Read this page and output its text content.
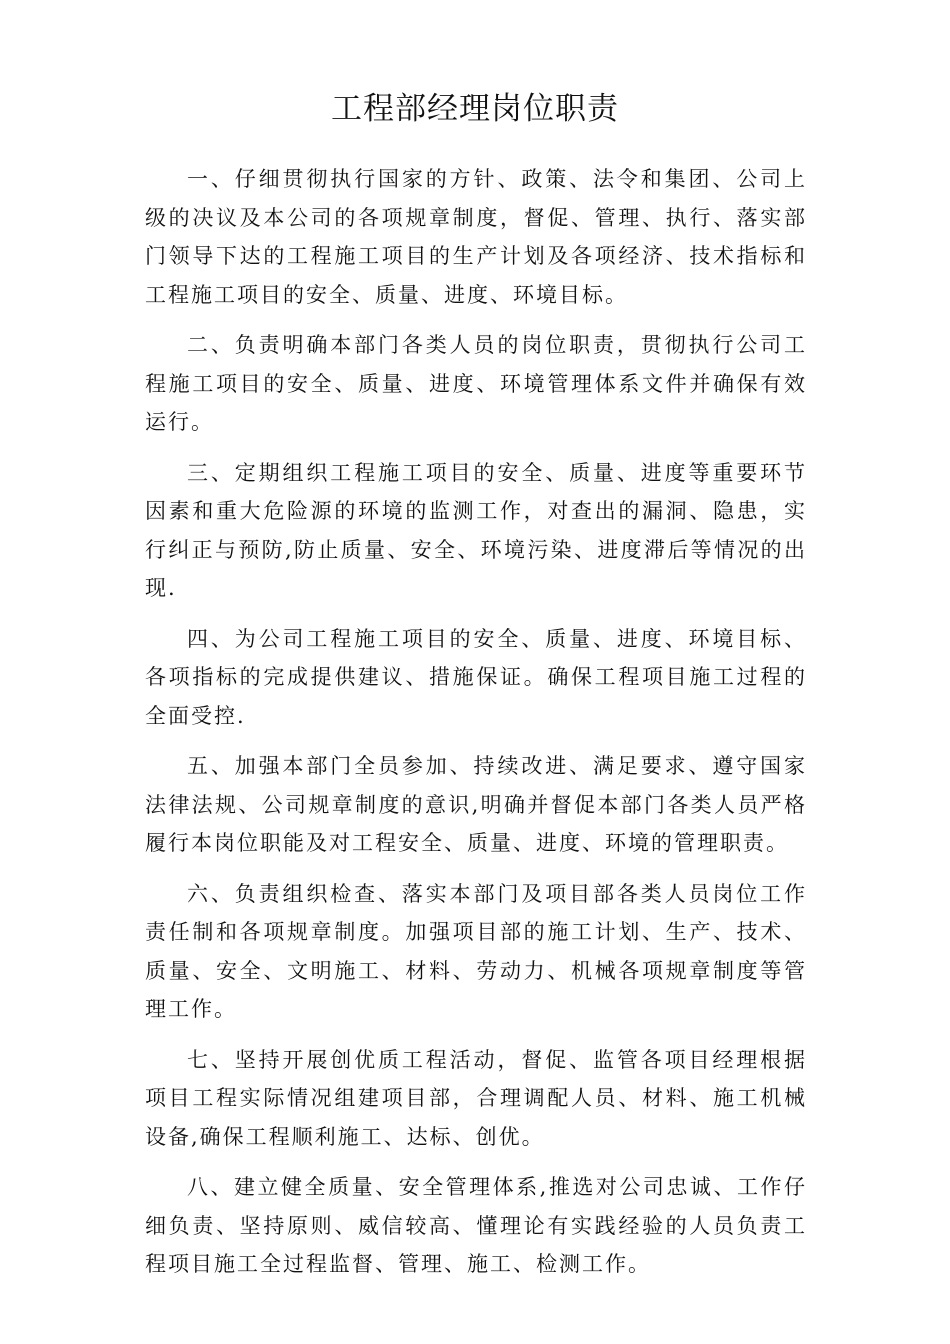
工程部经理岗位职责

一、仔细贯彻执行国家的方针、政策、法令和集团、公司上级的决议及本公司的各项规章制度，督促、管理、执行、落实部门领导下达的工程施工项目的生产计划及各项经济、技术指标和工程施工项目的安全、质量、进度、环境目标。

二、负责明确本部门各类人员的岗位职责，贯彻执行公司工程施工项目的安全、质量、进度、环境管理体系文件并确保有效运行。

三、定期组织工程施工项目的安全、质量、进度等重要环节因素和重大危险源的环境的监测工作，对查出的漏洞、隐患，实行纠正与预防,防止质量、安全、环境污染、进度滞后等情况的出现.

四、为公司工程施工项目的安全、质量、进度、环境目标、各项指标的完成提供建议、措施保证。确保工程项目施工过程的全面受控.

五、加强本部门全员参加、持续改进、满足要求、遵守国家法律法规、公司规章制度的意识,明确并督促本部门各类人员严格履行本岗位职能及对工程安全、质量、进度、环境的管理职责。

六、负责组织检查、落实本部门及项目部各类人员岗位工作责任制和各项规章制度。加强项目部的施工计划、生产、技术、质量、安全、文明施工、材料、劳动力、机械各项规章制度等管理工作。

七、坚持开展创优质工程活动，督促、监管各项目经理根据项目工程实际情况组建项目部，合理调配人员、材料、施工机械设备,确保工程顺利施工、达标、创优。

八、建立健全质量、安全管理体系,推选对公司忠诚、工作仔细负责、坚持原则、威信较高、懂理论有实践经验的人员负责工程项目施工全过程监督、管理、施工、检测工作。
